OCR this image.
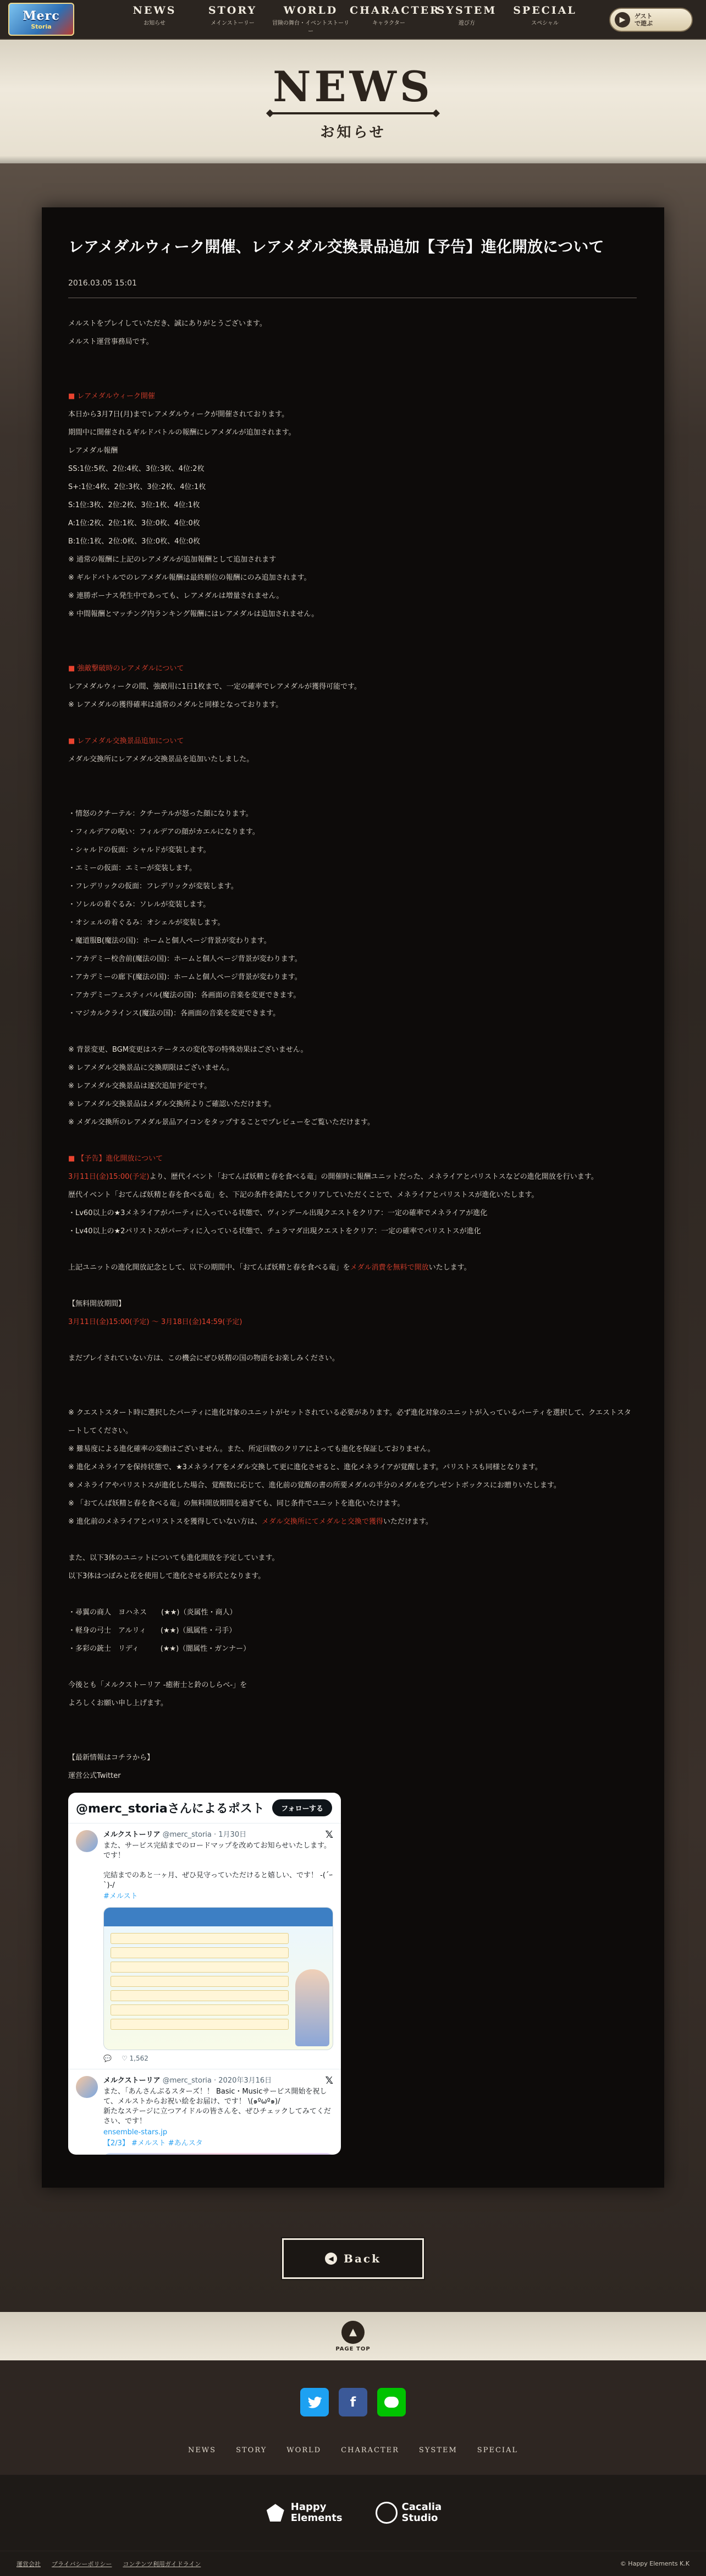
Merc
Storia
NEWS
お知らせ
STORY
メインストーリー
WORLD
冒険の舞台・イベントストーリー
CHARACTER
キャラクター
SYSTEM
遊び方
SPECIAL
スペシャル	▶	ゲスト
で遊ぶ
NEWS
お知らせ
レアメダルウィーク開催、レアメダル交換景品追加【予告】進化開放について
2016.03.05 15:01
メルストをプレイしていただき、誠にありがとうございます。
メルスト運営事務局です。
■ レアメダルウィーク開催
本日から3月7日(月)までレアメダルウィークが開催されております。
期間中に開催されるギルドバトルの報酬にレアメダルが追加されます。
レアメダル報酬
SS:1位:5枚、2位:4枚、3位:3枚、4位:2枚
S+:1位:4枚、2位:3枚、3位:2枚、4位:1枚
S:1位:3枚、2位:2枚、3位:1枚、4位:1枚
A:1位:2枚、2位:1枚、3位:0枚、4位:0枚
B:1位:1枚、2位:0枚、3位:0枚、4位:0枚
※ 通常の報酬に上記のレアメダルが追加報酬として追加されます
※ ギルドバトルでのレアメダル報酬は最終順位の報酬にのみ追加されます。
※ 連勝ボーナス発生中であっても、レアメダルは増量されません。
※ 中間報酬とマッチング内ランキング報酬にはレアメダルは追加されません。
■ 強敵撃破時のレアメダルについて
レアメダルウィークの間、強敵用に1日1枚まで、一定の確率でレアメダルが獲得可能です。
※ レアメダルの獲得確率は通常のメダルと同様となっております。
■ レアメダル交換景品追加について
メダル交換所にレアメダル交換景品を追加いたしました。
・情怒のクチーテル：クチーテルが怒った顔になります。
・フィルデアの呪い：フィルデアの顔がカエルになります。
・シャルドの仮面：シャルドが変装します。
・エミーの仮面：エミーが変装します。
・フレデリックの仮面：フレデリックが変装します。
・ソレルの着ぐるみ：ソレルが変装します。
・オシェルの着ぐるみ：オシェルが変装します。
・魔道服B(魔法の国)：ホームと個人ページ背景が変わります。
・アカデミー校舎前(魔法の国)：ホームと個人ページ背景が変わります。
・アカデミーの廊下(魔法の国)：ホームと個人ページ背景が変わります。
・アカデミーフェスティバル(魔法の国)：各画面の音楽を変更できます。
・マジカルクラインス(魔法の国)：各画面の音楽を変更できます。
※ 背景変更、BGM変更はステータスの変化等の特殊効果はございません。
※ レアメダル交換景品に交換期限はございません。
※ レアメダル交換景品は逐次追加予定です。
※ レアメダル交換景品はメダル交換所よりご確認いただけます。
※ メダル交換所のレアメダル景品アイコンをタップすることでプレビューをご覧いただけます。
■ 【予告】進化開放について
3月11日(金)15:00(予定)より、歴代イベント「おてんば妖精と春を食べる竜」の開催時に報酬ユニットだった、メネライアとパリストスなどの進化開放を行います。
歴代イベント「おてんば妖精と春を食べる竜」を、下記の条件を満たしてクリアしていただくことで、メネライアとパリストスが進化いたします。
・Lv60以上の★3メネライアがパーティに入っている状態で、ヴィンデール出現クエストをクリア：一定の確率でメネライアが進化
・Lv40以上の★2パリストスがパーティに入っている状態で、チュラマダ出現クエストをクリア：一定の確率でパリストスが進化
上記ユニットの進化開放記念として、以下の期間中、「おてんば妖精と春を食べる竜」をメダル消費を無料で開放いたします。
【無料開放期間】
3月11日(金)15:00(予定) ～ 3月18日(金)14:59(予定)
まだプレイされていない方は、この機会にぜひ妖精の国の物語をお楽しみください。
※ クエストスタート時に選択したパーティに進化対象のユニットがセットされている必要があります。必ず進化対象のユニットが入っているパーティを選択して、クエストスタートしてください。
※ 難易度による進化確率の変動はございません。また、所定回数のクリアによっても進化を保証しておりません。
※ 進化メネライアを保持状態で、★3メネライアをメダル交換して更に進化させると、進化メネライアが覚醒します。パリストスも同様となります。
※ メネライアやパリストスが進化した場合、覚醒数に応じて、進化前の覚醒の書の所要メダルの半分のメダルをプレゼントボックスにお贈りいたします。
※ 「おてんば妖精と春を食べる竜」の無料開放期間を過ぎても、同じ条件でユニットを進化いたけます。
※ 進化前のメネライアとパリストスを獲得していない方は、メダル交換所にてメダルと交換で獲得いただけます。
また、以下3体のユニットについても進化開放を予定しています。
以下3体はつぼみと花を使用して進化させる形式となります。
・尋翼の商人　ヨハネス　　(★★)（炎属性・商人）
・軽身の弓士　アルリィ　　(★★)（風属性・弓手）
・多彩の銃士　リディ　　　(★★)（闇属性・ガンナー）
今後とも「メルクストーリア -癒術士と鈴のしらべ-」を
よろしくお願い申し上げます。
【最新情報はコチラから】
運営公式Twitter
@merc_storiaさんによるポスト	フォローする
𝕏
メルクストーリア @merc_storia · 1月30日
また、サービス完結までのロードマップを改めてお知らせいたします。です！

完結までのあと一ヶ月、ぜひ見守っていただけると嬉しい、です！ -(´ｰ`)-/
#メルスト
💬 ♡ 1,562
𝕏
メルクストーリア @merc_storia · 2020年3月16日
また、「あんさんぶるスターズ！！ Basic・Musicサービス開始を祝して、メルストからお祝い絵をお届け、です！ \(๑ºωº๑)/
新たなステージに立つアイドルの皆さんを、ぜひチェックしてみてください、です！
ensemble-stars.jp
【2/3】 #メルスト #あんスタ
◀ Back
▲
PAGE TOP
f
NEWS	STORY	WORLD	CHARACTER	SYSTEM	SPECIAL
Happy
Elements
Cacalia
Studio
運営会社 プライバシーポリシー コンテンツ利用ガイドライン	© Happy Elements K.K
